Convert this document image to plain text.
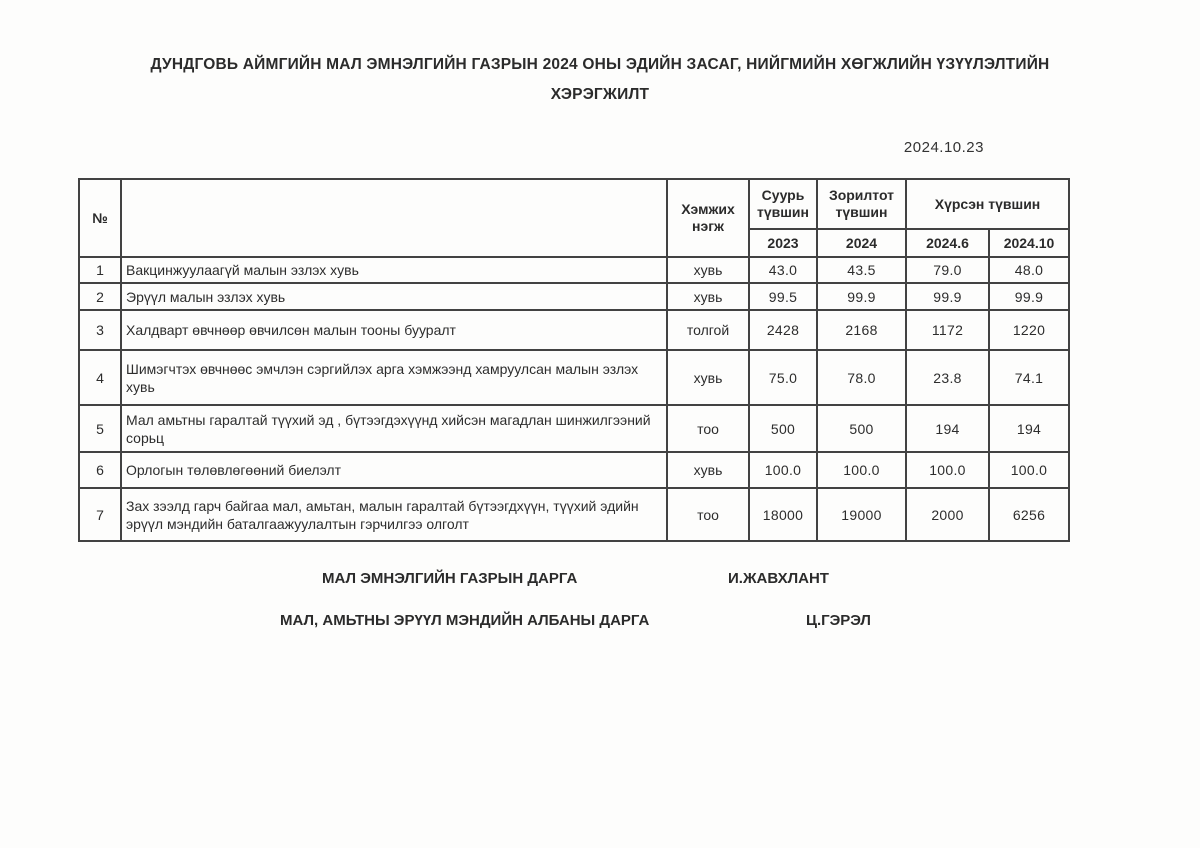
ДУНДГОВЬ АЙМГИЙН МАЛ ЭМНЭЛГИЙН ГАЗРЫН 2024 ОНЫ ЭДИЙН ЗАСАГ, НИЙГМИЙН ХӨГЖЛИЙН ҮЗҮҮЛЭЛТИЙН
ХЭРЭГЖИЛТ
2024.10.23
№		Хэмжих нэгж	Суурь түвшин	Зорилтот түвшин	Хүрсэн түвшин	
			2023	2024	2024.6	2024.10
1	Вакцинжуулаагүй малын эзлэх хувь	хувь	43.0	43.5	79.0	48.0
2	Эрүүл малын эзлэх хувь	хувь	99.5	99.9	99.9	99.9
3	Халдварт өвчнөөр өвчилсөн малын тооны бууралт	толгой	2428	2168	1172	1220
4	Шимэгчтэх өвчнөөс эмчлэн сэргийлэх арга хэмжээнд хамруулсан малын эзлэх хувь	хувь	75.0	78.0	23.8	74.1
5	Мал амьтны гаралтай түүхий эд , бүтээгдэхүүнд хийсэн магадлан шинжилгээний сорьц	тоо	500	500	194	194
6	Орлогын төлөвлөгөөний биелэлт	хувь	100.0	100.0	100.0	100.0
7	Зах зээлд гарч байгаа мал, амьтан, малын гаралтай бүтээгдхүүн, түүхий эдийн эрүүл мэндийн баталгаажуулалтын гэрчилгээ олголт	тоо	18000	19000	2000	6256
МАЛ ЭМНЭЛГИЙН ГАЗРЫН ДАРГА	И.ЖАВХЛАНТ
МАЛ, АМЬТНЫ ЭРҮҮЛ МЭНДИЙН АЛБАНЫ ДАРГА	Ц.ГЭРЭЛ
